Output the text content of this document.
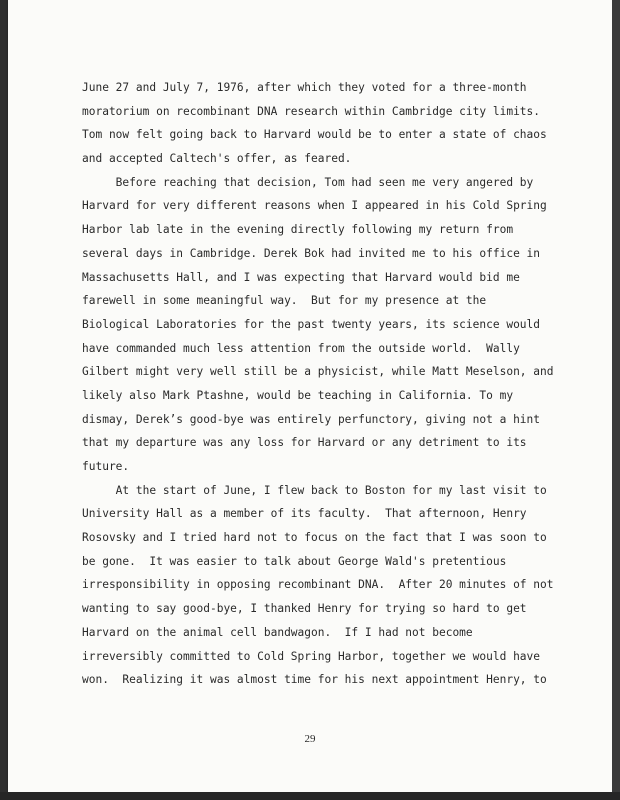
June 27 and July 7, 1976, after which they voted for a three-month
moratorium on recombinant DNA research within Cambridge city limits.
Tom now felt going back to Harvard would be to enter a state of chaos
and accepted Caltech's offer, as feared.
Before reaching that decision, Tom had seen me very angered by
Harvard for very different reasons when I appeared in his Cold Spring
Harbor lab late in the evening directly following my return from
several days in Cambridge. Derek Bok had invited me to his office in
Massachusetts Hall, and I was expecting that Harvard would bid me
farewell in some meaningful way.  But for my presence at the
Biological Laboratories for the past twenty years, its science would
have commanded much less attention from the outside world.  Wally
Gilbert might very well still be a physicist, while Matt Meselson, and
likely also Mark Ptashne, would be teaching in California. To my
dismay, Derek’s good-bye was entirely perfunctory, giving not a hint
that my departure was any loss for Harvard or any detriment to its
future.
At the start of June, I flew back to Boston for my last visit to
University Hall as a member of its faculty.  That afternoon, Henry
Rosovsky and I tried hard not to focus on the fact that I was soon to
be gone.  It was easier to talk about George Wald's pretentious
irresponsibility in opposing recombinant DNA.  After 20 minutes of not
wanting to say good-bye, I thanked Henry for trying so hard to get
Harvard on the animal cell bandwagon.  If I had not become
irreversibly committed to Cold Spring Harbor, together we would have
won.  Realizing it was almost time for his next appointment Henry, to
29
